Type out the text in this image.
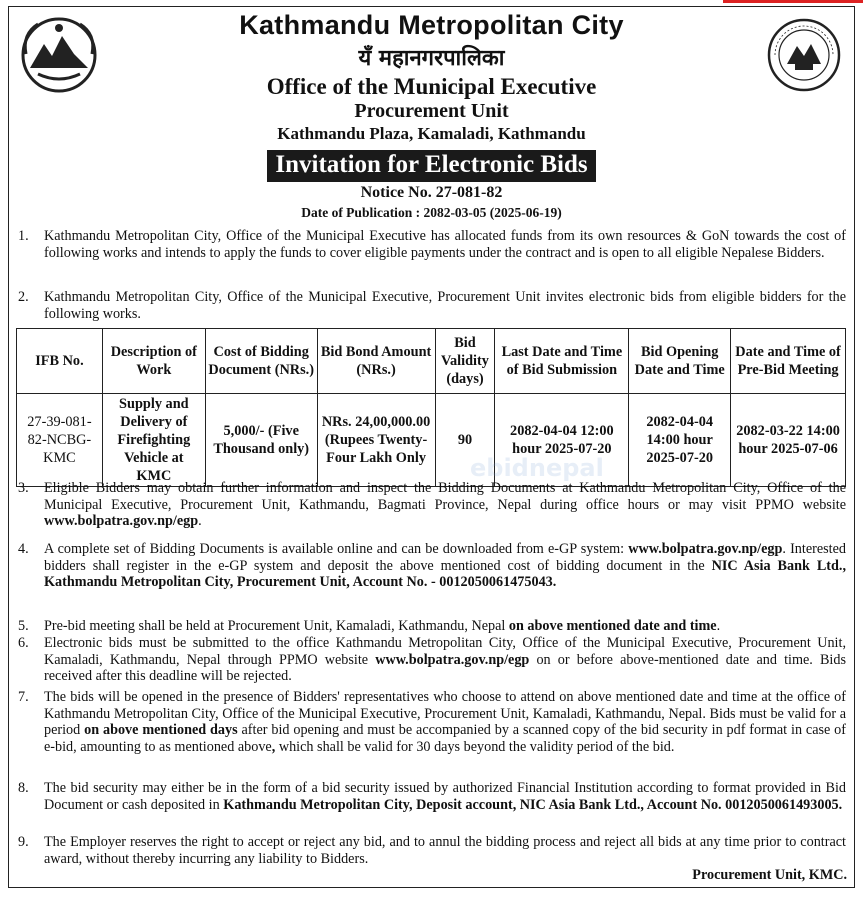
Kathmandu Metropolitan City
यँ महानगरपालिका
Office of the Municipal Executive
Procurement Unit
Kathmandu Plaza, Kamaladi, Kathmandu
Invitation for Electronic Bids
Notice No. 27-081-82
Date of Publication : 2082-03-05 (2025-06-19)
1.	Kathmandu Metropolitan City, Office of the Municipal Executive has allocated funds from its own resources & GoN towards the cost of following works and intends to apply the funds to cover eligible payments under the contract and is open to all eligible Nepalese Bidders.
2.	Kathmandu Metropolitan City, Office of the Municipal Executive, Procurement Unit invites electronic bids from eligible bidders for the following works.
IFB No.	Description of Work	Cost of Bidding Document (NRs.)	Bid Bond Amount (NRs.)	Bid Validity (days)	Last Date and Time of Bid Submission	Bid Opening Date and Time	Date and Time of Pre-Bid Meeting
27-39-081-82-NCBG-KMC	Supply and Delivery of Firefighting Vehicle at KMC	5,000/- (Five Thousand only)	NRs. 24,00,000.00 (Rupees Twenty-Four Lakh Only	90	2082-04-04 12:00 hour 2025-07-20	2082-04-04 14:00 hour 2025-07-20	2082-03-22 14:00 hour 2025-07-06
ebidnepal
3.	Eligible Bidders may obtain further information and inspect the Bidding Documents at Kathmandu Metropolitan City, Office of the Municipal Executive, Procurement Unit, Kathmandu, Bagmati Province, Nepal during office hours or may visit PPMO website www.bolpatra.gov.np/egp.
4.	A complete set of Bidding Documents is available online and can be downloaded from e-GP system: www.bolpatra.gov.np/egp. Interested bidders shall register in the e-GP system and deposit the above mentioned cost of bidding document in the NIC Asia Bank Ltd., Kathmandu Metropolitan City, Procurement Unit, Account No. - 0012050061475043.
5.	Pre-bid meeting shall be held at Procurement Unit, Kamaladi, Kathmandu, Nepal on above mentioned date and time.
6.	Electronic bids must be submitted to the office Kathmandu Metropolitan City, Office of the Municipal Executive, Procurement Unit, Kamaladi, Kathmandu, Nepal through PPMO website www.bolpatra.gov.np/egp on or before above-mentioned date and time. Bids received after this deadline will be rejected.
7.	The bids will be opened in the presence of Bidders' representatives who choose to attend on above mentioned date and time at the office of Kathmandu Metropolitan City, Office of the Municipal Executive, Procurement Unit, Kamaladi, Kathmandu, Nepal. Bids must be valid for a period on above mentioned days after bid opening and must be accompanied by a scanned copy of the bid security in pdf format in case of e-bid, amounting to as mentioned above, which shall be valid for 30 days beyond the validity period of the bid.
8.	The bid security may either be in the form of a bid security issued by authorized Financial Institution according to format provided in Bid Document or cash deposited in Kathmandu Metropolitan City, Deposit account, NIC Asia Bank Ltd., Account No. 0012050061493005.
9.	The Employer reserves the right to accept or reject any bid, and to annul the bidding process and reject all bids at any time prior to contract award, without thereby incurring any liability to Bidders.
Procurement Unit, KMC.
